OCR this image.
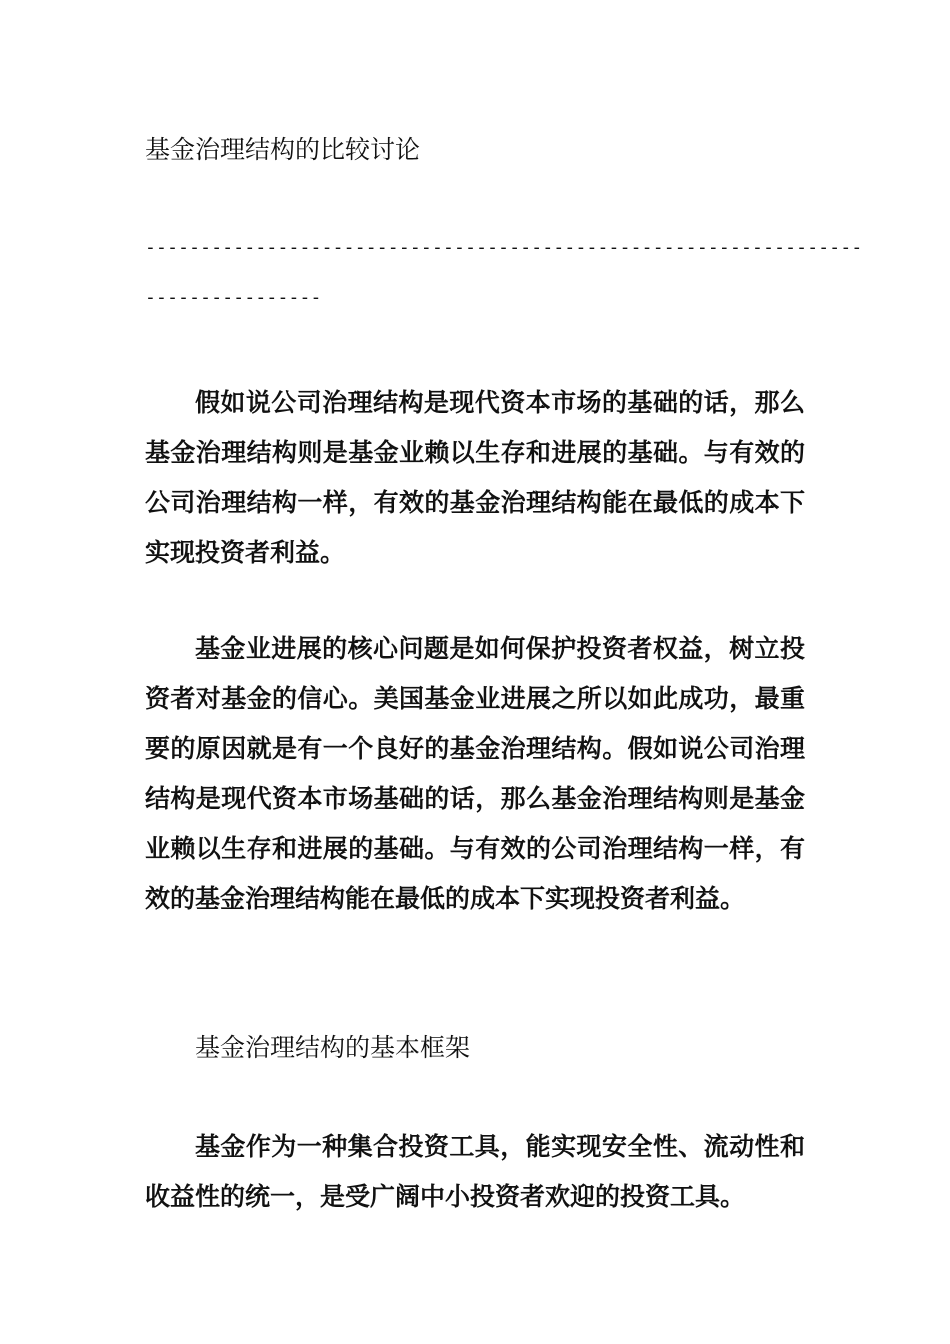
基金治理结构的比较讨论
-----------------------------------------------------------------
----------------

假如说公司治理结构是现代资本市场的基础的话，那么基金治理结构则是基金业赖以生存和进展的基础。与有效的公司治理结构一样，有效的基金治理结构能在最低的成本下实现投资者利益。

基金业进展的核心问题是如何保护投资者权益，树立投资者对基金的信心。美国基金业进展之所以如此成功，最重要的原因就是有一个良好的基金治理结构。假如说公司治理结构是现代资本市场基础的话，那么基金治理结构则是基金业赖以生存和进展的基础。与有效的公司治理结构一样，有效的基金治理结构能在最低的成本下实现投资者利益。

基金治理结构的基本框架

基金作为一种集合投资工具，能实现安全性、流动性和收益性的统一，是受广阔中小投资者欢迎的投资工具。
